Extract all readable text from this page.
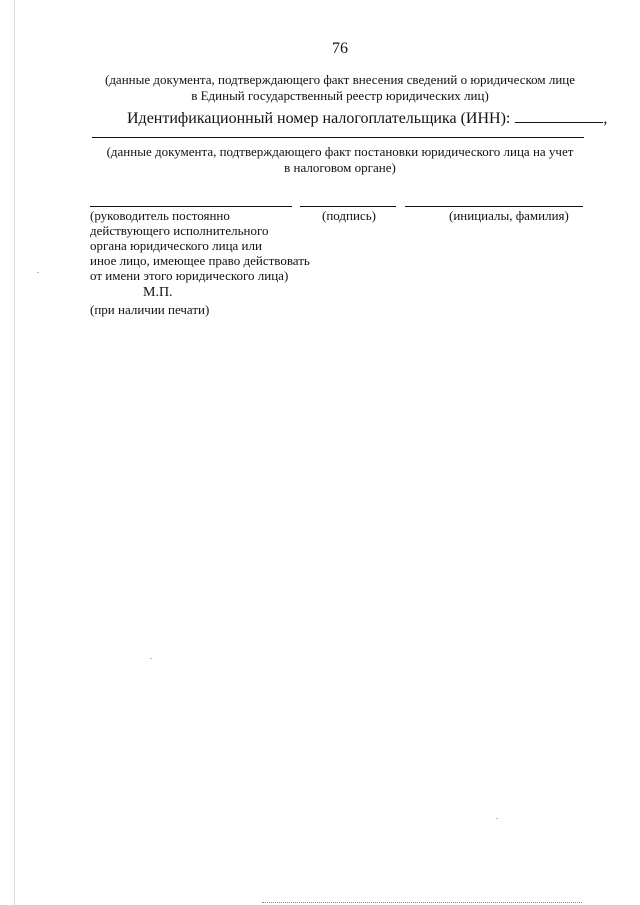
76
(данные документа, подтверждающего факт внесения сведений о юридическом лице
в Единый государственный реестр юридических лиц)
Идентификационный номер налогоплательщика (ИНН):	,
(данные документа, подтверждающего факт постановки юридического лица на учет
в налоговом органе)
(руководитель постоянно
действующего исполнительного
органа юридического лица или
иное лицо, имеющее право действовать
от имени этого юридического лица)
(подпись)	(инициалы, фамилия)
М.П.
(при наличии печати)
